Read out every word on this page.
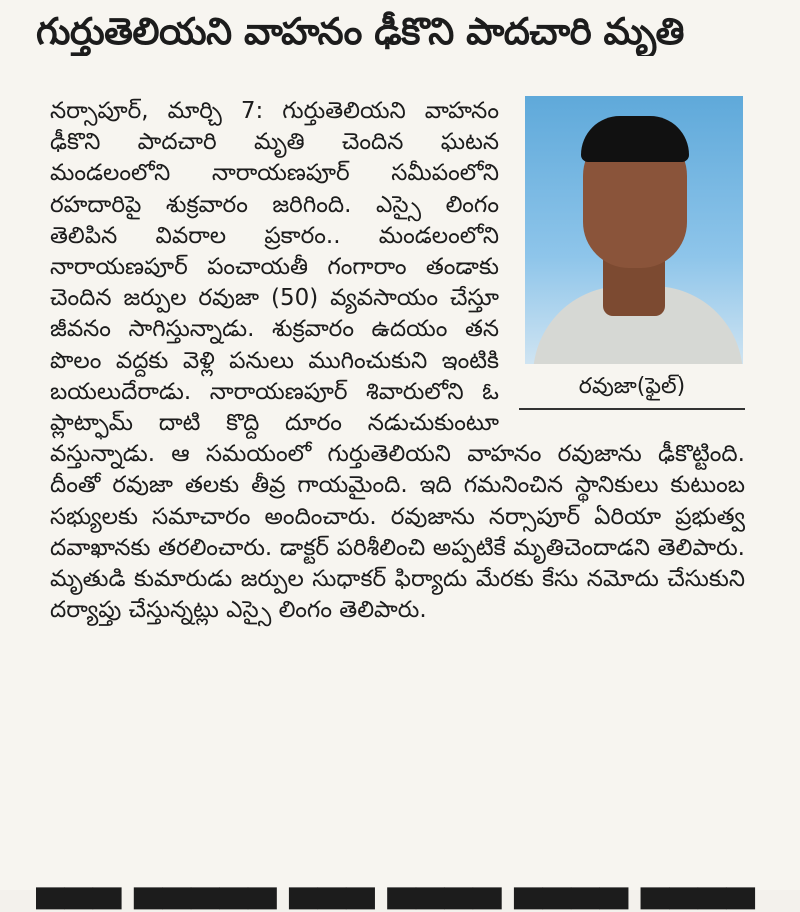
గుర్తుతెలియని వాహనం ఢీకొని పాదచారి మృతి
రవుజా(ఫైల్)

నర్సాపూర్, మార్చి 7: గుర్తుతెలియని వాహనం ఢీకొని పాదచారి మృతి చెందిన ఘటన మండలంలోని నారాయణపూర్ సమీపంలోని రహదారిపై శుక్రవారం జరిగింది. ఎస్సై లింగం తెలిపిన వివరాల ప్రకారం.. మండలంలోని నారాయణపూర్ పంచాయతీ గంగారాం తండాకు చెందిన జర్పుల రవుజా (50) వ్యవసాయం చేస్తూ జీవనం సాగిస్తున్నాడు. శుక్రవారం ఉదయం తన పొలం వద్దకు వెళ్లి పనులు ముగించుకుని ఇంటికి బయలుదేరాడు. నారాయణపూర్ శివారులోని ఓ ప్లాట్ఫామ్ దాటి కొద్ది దూరం నడుచుకుంటూ వస్తున్నాడు. ఆ సమయంలో గుర్తుతెలియని వాహనం రవుజాను ఢీకొట్టింది. దీంతో రవుజా తలకు తీవ్ర గాయమైంది. ఇది గమనించిన స్థానికులు కుటుంబ సభ్యులకు సమాచారం అందించారు. రవుజాను నర్సాపూర్ ఏరియా ప్రభుత్వ దవాఖానకు తరలించారు. డాక్టర్ పరిశీలించి అప్పటికే మృతిచెందాడని తెలిపారు. మృతుడి కుమారుడు జర్పుల సుధాకర్ ఫిర్యాదు మేరకు కేసు నమోదు చేసుకుని దర్యాప్తు చేస్తున్నట్లు ఎస్సై లింగం తెలిపారు.

▄▄▄ ▄▄▄▄▄ ▄▄▄ ▄▄▄▄ ▄▄▄▄ ▄▄▄▄
